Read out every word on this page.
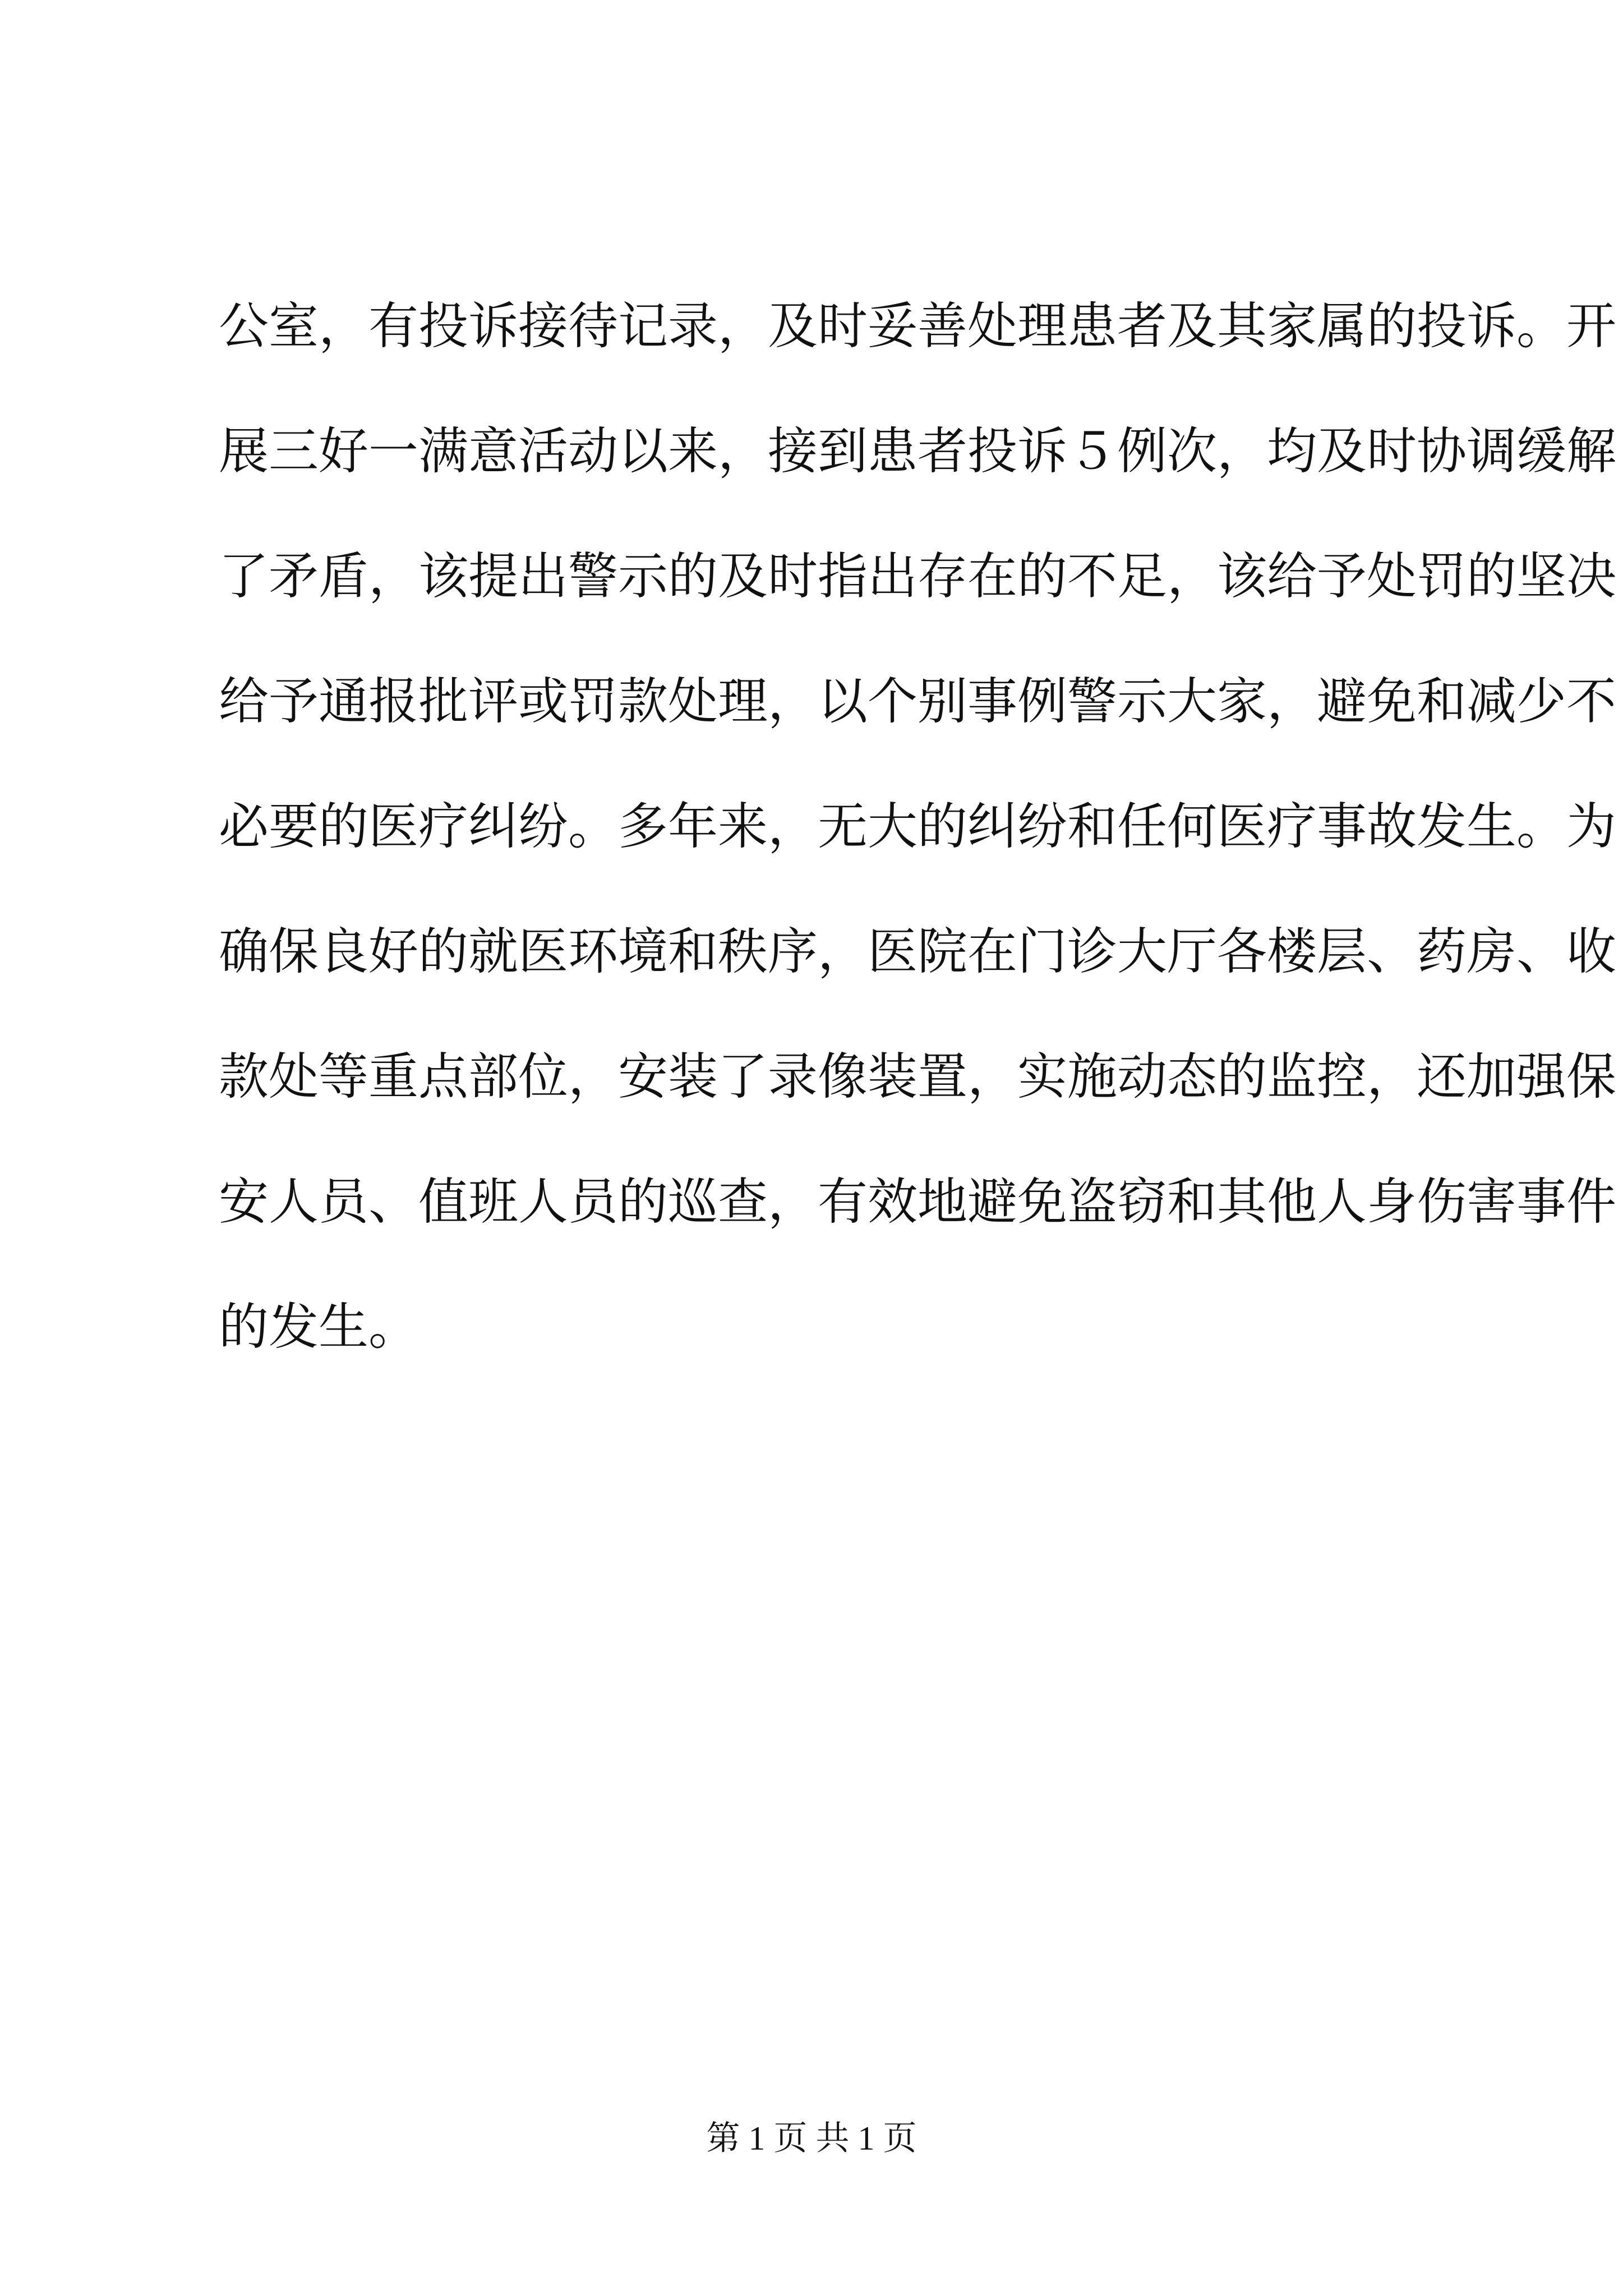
公室，有投诉接待记录，及时妥善处理患者及其家属的投诉。开
展三好一满意活动以来，接到患者投诉５例次，均及时协调缓解
了矛盾，该提出警示的及时指出存在的不足，该给予处罚的坚决
给予通报批评或罚款处理，以个别事例警示大家，避免和减少不
必要的医疗纠纷。多年来，无大的纠纷和任何医疗事故发生。为
确保良好的就医环境和秩序，医院在门诊大厅各楼层、药房、收
款处等重点部位，安装了录像装置，实施动态的监控，还加强保
安人员、值班人员的巡查，有效地避免盗窃和其他人身伤害事件
的发生。
第 1 页 共 1 页
